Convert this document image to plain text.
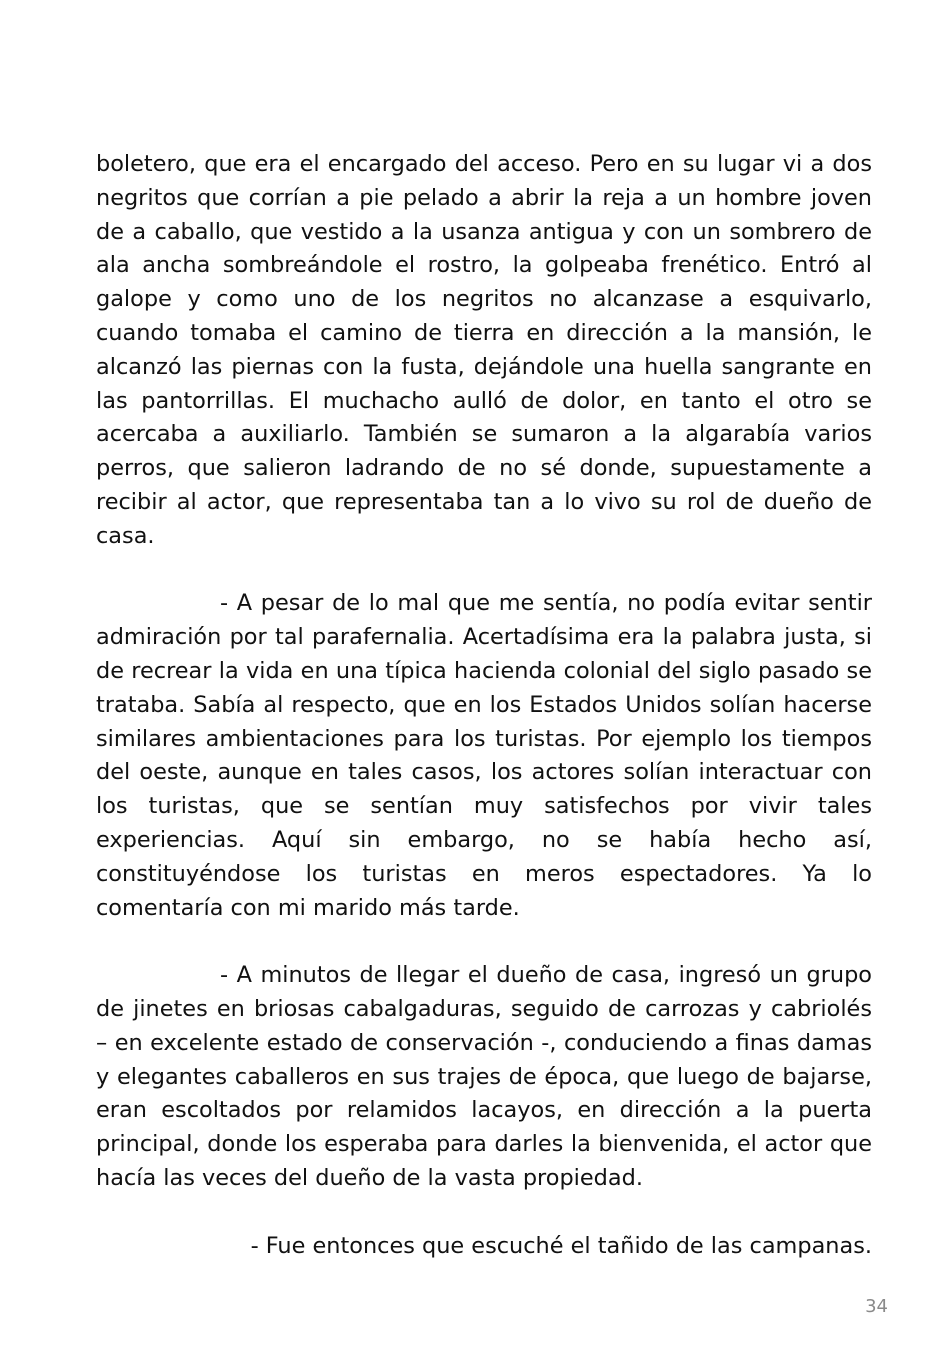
boletero, que era el encargado del acceso. Pero en su lugar vi a dos negritos que corrían a pie pelado a abrir la reja a un hombre joven de a caballo, que vestido a la usanza antigua y con un sombrero de ala ancha sombreándole el rostro, la golpeaba frenético. Entró al galope y como uno de los negritos no alcanzase a esquivarlo, cuando tomaba el camino de tierra en dirección a la mansión, le alcanzó las piernas con la fusta, dejándole una huella sangrante en las pantorrillas. El muchacho aulló de dolor, en tanto el otro se acercaba a auxiliarlo. También se sumaron a la algarabía varios perros, que salieron ladrando de no sé donde, supuestamente a recibir al actor, que representaba tan a lo vivo su rol de dueño de casa.

- A pesar de lo mal que me sentía, no podía evitar sentir admiración por tal parafernalia. Acertadísima era la palabra justa, si de recrear la vida en una típica hacienda colonial del siglo pasado se trataba. Sabía al respecto, que en los Estados Unidos solían hacerse similares ambientaciones para los turistas. Por ejemplo los tiempos del oeste, aunque en tales casos, los actores solían interactuar con los turistas, que se sentían muy satisfechos por vivir tales experiencias. Aquí sin embargo, no se había hecho así, constituyéndose los turistas en meros espectadores. Ya lo comentaría con mi marido más tarde.

- A minutos de llegar el dueño de casa, ingresó un grupo de jinetes en briosas cabalgaduras, seguido de carrozas y cabriolés – en excelente estado de conservación -, conduciendo a finas damas y elegantes caballeros en sus trajes de época, que luego de bajarse, eran escoltados por relamidos lacayos, en dirección a la puerta principal, donde los esperaba para darles la bienvenida, el actor que hacía las veces del dueño de la vasta propiedad.

- Fue entonces que escuché el tañido de las campanas.

34
